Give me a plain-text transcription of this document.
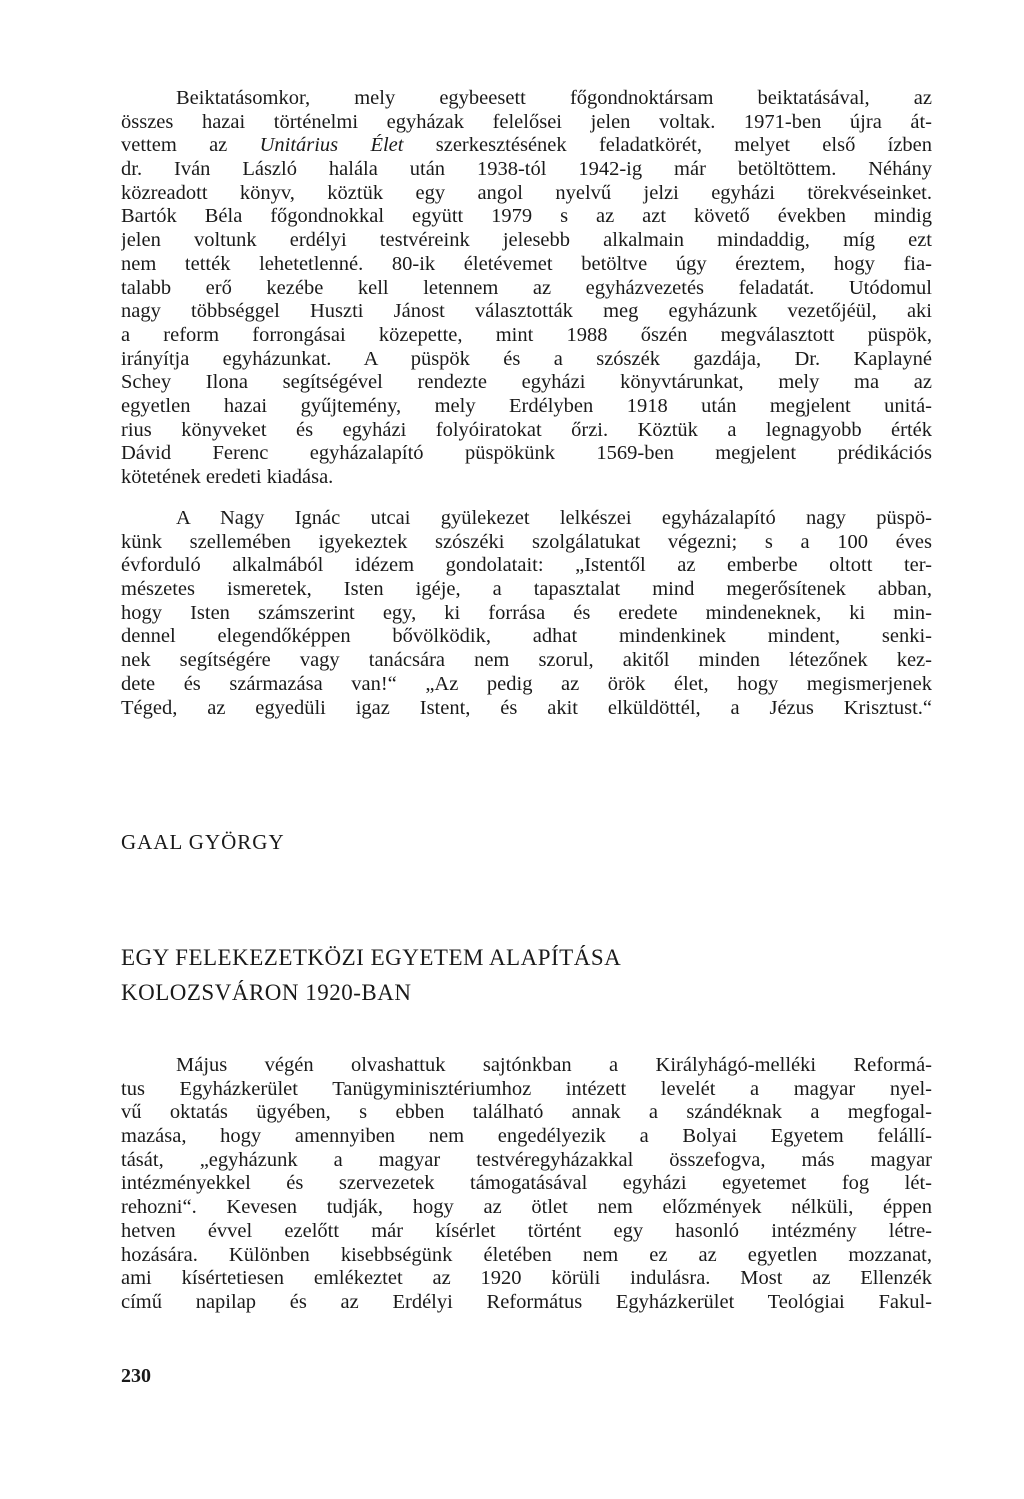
Beiktatásomkor, mely egybeesett főgondnoktársam beiktatásával, az
összes hazai történelmi egyházak felelősei jelen voltak. 1971-ben újra át-
vettem az Unitárius Élet szerkesztésének feladatkörét, melyet első ízben
dr. Iván László halála után 1938-tól 1942-ig már betöltöttem. Néhány
közreadott könyv, köztük egy angol nyelvű jelzi egyházi törekvéseinket.
Bartók Béla főgondnokkal együtt 1979 s az azt követő években mindig
jelen voltunk erdélyi testvéreink jelesebb alkalmain mindaddig, míg ezt
nem tették lehetetlenné. 80-ik életévemet betöltve úgy éreztem, hogy fia-
talabb erő kezébe kell letennem az egyházvezetés feladatát. Utódomul
nagy többséggel Huszti Jánost választották meg egyházunk vezetőjéül, aki
a reform forrongásai közepette, mint 1988 őszén megválasztott püspök,
irányítja egyházunkat. A püspök és a szószék gazdája, Dr. Kaplayné
Schey Ilona segítségével rendezte egyházi könyvtárunkat, mely ma az
egyetlen hazai gyűjtemény, mely Erdélyben 1918 után megjelent unitá-
rius könyveket és egyházi folyóiratokat őrzi. Köztük a legnagyobb érték
Dávid Ferenc egyházalapító püspökünk 1569-ben megjelent prédikációs
kötetének eredeti kiadása.
A Nagy Ignác utcai gyülekezet lelkészei egyházalapító nagy püspö-
künk szellemében igyekeztek szószéki szolgálatukat végezni; s a 100 éves
évforduló alkalmából idézem gondolatait: „Istentől az emberbe oltott ter-
mészetes ismeretek, Isten igéje, a tapasztalat mind megerősítenek abban,
hogy Isten számszerint egy, ki forrása és eredete mindeneknek, ki min-
dennel elegendőképpen bővölködik, adhat mindenkinek mindent, senki-
nek segítségére vagy tanácsára nem szorul, akitől minden létezőnek kez-
dete és származása van!“ „Az pedig az örök élet, hogy megismerjenek
Téged, az egyedüli igaz Istent, és akit elküldöttél, a Jézus Krisztust.“
GAAL GYÖRGY
EGY FELEKEZETKÖZI EGYETEM ALAPÍTÁSA
KOLOZSVÁRON 1920-BAN
Május végén olvashattuk sajtónkban a Királyhágó-melléki Reformá-
tus Egyházkerület Tanügyminisztériumhoz intézett levelét a magyar nyel-
vű oktatás ügyében, s ebben található annak a szándéknak a megfogal-
mazása, hogy amennyiben nem engedélyezik a Bolyai Egyetem felállí-
tását, „egyházunk a magyar testvéregyházakkal összefogva, más magyar
intézményekkel és szervezetek támogatásával egyházi egyetemet fog lét-
rehozni“. Kevesen tudják, hogy az ötlet nem előzmények nélküli, éppen
hetven évvel ezelőtt már kísérlet történt egy hasonló intézmény létre-
hozására. Különben kisebbségünk életében nem ez az egyetlen mozzanat,
ami kísértetiesen emlékeztet az 1920 körüli indulásra. Most az Ellenzék
című napilap és az Erdélyi Református Egyházkerület Teológiai Fakul-

230
